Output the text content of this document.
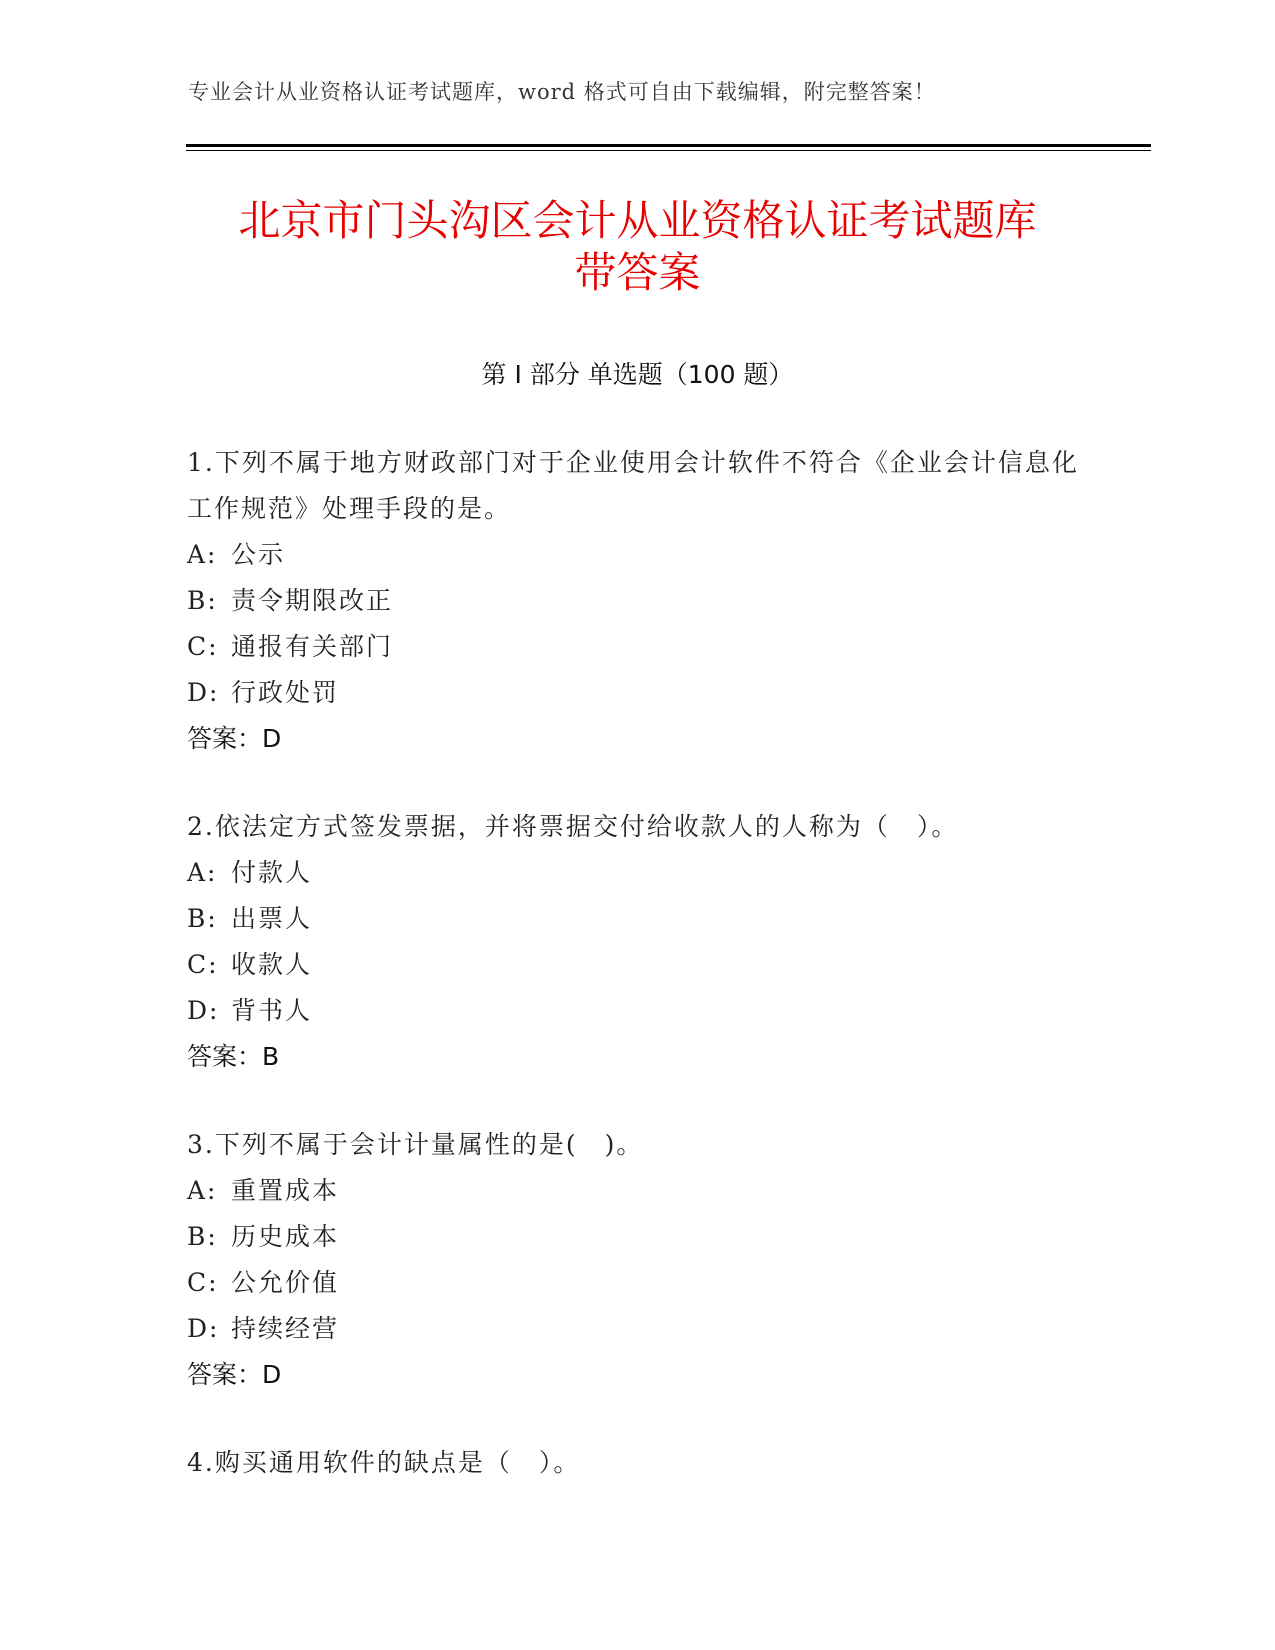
专业会计从业资格认证考试题库，word 格式可自由下载编辑，附完整答案！
北京市门头沟区会计从业资格认证考试题库
带答案
第 I 部分 单选题（100 题）
1.下列不属于地方财政部门对于企业使用会计软件不符合《企业会计信息化工作规范》处理手段的是。
A: 公示
B: 责令期限改正
C: 通报有关部门
D: 行政处罚
答案：D
2.依法定方式签发票据，并将票据交付给收款人的人称为（　）。
A: 付款人
B: 出票人
C: 收款人
D: 背书人
答案：B
3.下列不属于会计计量属性的是(　)。
A: 重置成本
B: 历史成本
C: 公允价值
D: 持续经营
答案：D
4.购买通用软件的缺点是（　）。
